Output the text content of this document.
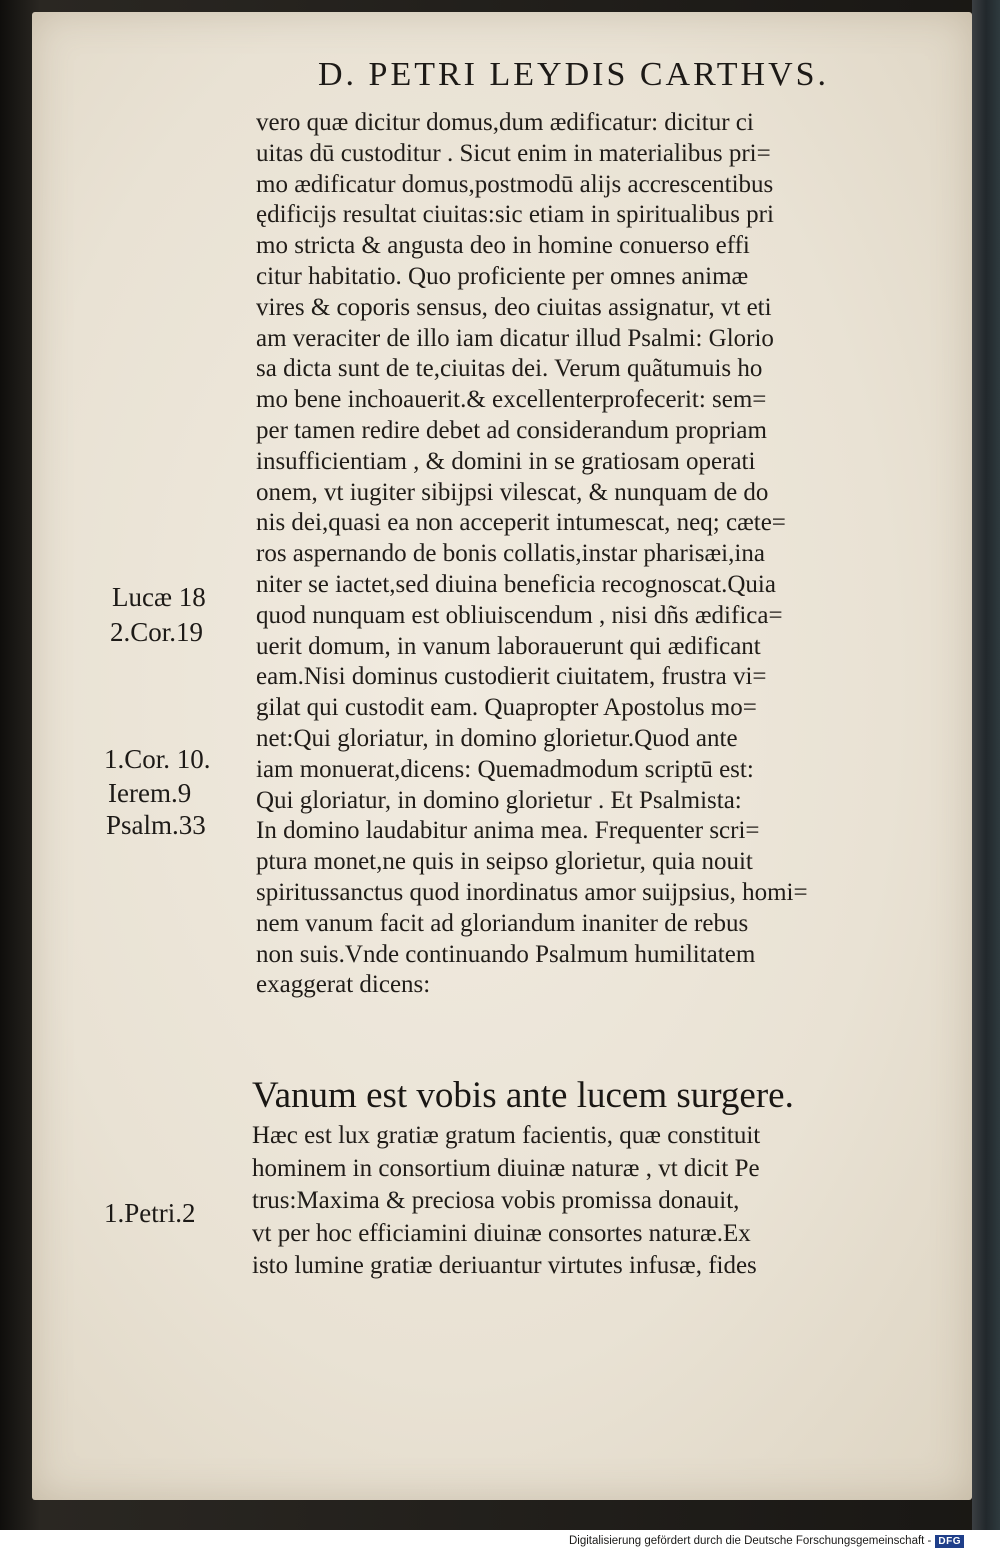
D. PETRI LEYDIS CARTHVS.
vero quæ dicitur domus,dum ædificatur: dicitur ci
uitas dū custoditur . Sicut enim in materialibus pri=
mo ædificatur domus,postmodū alijs accrescentibus
ędificijs resultat ciuitas:sic etiam in spiritualibus pri
mo stricta & angusta deo in homine conuerso effi
citur habitatio. Quo proficiente per omnes animæ
vires & coporis sensus, deo ciuitas assignatur, vt eti
am veraciter de illo iam dicatur illud Psalmi: Glorio
sa dicta sunt de te,ciuitas dei. Verum quãtumuis ho
mo bene inchoauerit.& excellenterprofecerit: sem=
per tamen redire debet ad considerandum propriam
insufficientiam , & domini in se gratiosam operati
onem, vt iugiter sibijpsi vilescat, & nunquam de do
nis dei,quasi ea non acceperit intumescat, neq; cæte=
ros aspernando de bonis collatis,instar pharisæi,ina
niter se iactet,sed diuina beneficia recognoscat.Quia
quod nunquam est obliuiscendum , nisi dñs ædifica=
uerit domum, in vanum laborauerunt qui ædificant
eam.Nisi dominus custodierit ciuitatem, frustra vi=
gilat qui custodit eam. Quapropter Apostolus mo=
net:Qui gloriatur, in domino glorietur.Quod ante
iam monuerat,dicens: Quemadmodum scriptū est:
Qui gloriatur, in domino glorietur . Et Psalmista:
In domino laudabitur anima mea. Frequenter scri=
ptura monet,ne quis in seipso glorietur, quia nouit
spiritussanctus quod inordinatus amor suijpsius, homi=
nem vanum facit ad gloriandum inaniter de rebus
non suis.Vnde continuando Psalmum humilitatem
exaggerat dicens:
Vanum est vobis ante lucem surgere.
Hæc est lux gratiæ gratum facientis, quæ constituit
hominem in consortium diuinæ naturæ , vt dicit Pe
trus:Maxima & preciosa vobis promissa donauit,
vt per hoc efficiamini diuinæ consortes naturæ.Ex
isto lumine gratiæ deriuantur virtutes infusæ, fides
Lucæ 18
2.Cor.19
1.Cor. 10.
Ierem.9
Psalm.33
1.Petri.2
Digitalisierung gefördert durch die Deutsche Forschungsgemeinschaft - DFG
